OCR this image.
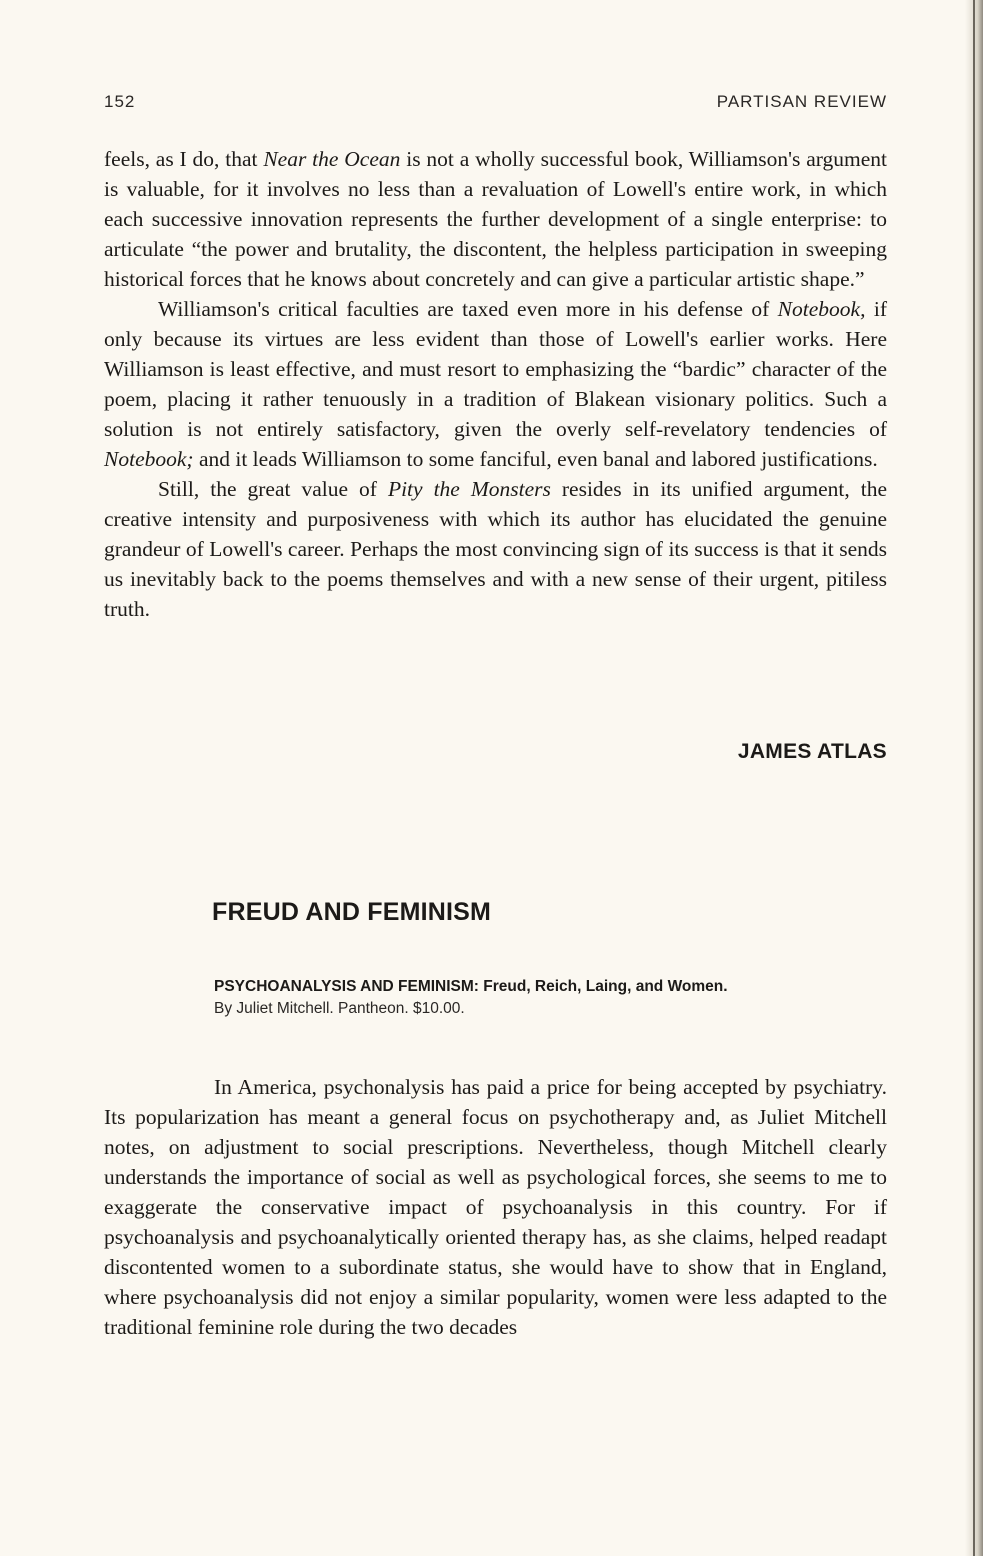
152	PARTISAN REVIEW

feels, as I do, that Near the Ocean is not a wholly successful book, Williamson's argument is valuable, for it involves no less than a revaluation of Lowell's entire work, in which each successive innovation represents the further development of a single enterprise: to articulate “the power and brutality, the discontent, the helpless participation in sweeping historical forces that he knows about concretely and can give a particular artistic shape.”

Williamson's critical faculties are taxed even more in his defense of Notebook, if only because its virtues are less evident than those of Lowell's earlier works. Here Williamson is least effective, and must resort to emphasizing the “bardic” character of the poem, placing it rather tenuously in a tradition of Blakean visionary politics. Such a solution is not entirely satisfactory, given the overly self-revelatory tendencies of Notebook; and it leads Williamson to some fanciful, even banal and labored justifications.

Still, the great value of Pity the Monsters resides in its unified argument, the creative intensity and purposiveness with which its author has elucidated the genuine grandeur of Lowell's career. Perhaps the most convincing sign of its success is that it sends us inevitably back to the poems themselves and with a new sense of their urgent, pitiless truth.

JAMES ATLAS
FREUD AND FEMINISM
PSYCHOANALYSIS AND FEMINISM: Freud, Reich, Laing, and Women.
By Juliet Mitchell. Pantheon. $10.00.

In America, psychonalysis has paid a price for being accepted by psychiatry. Its popularization has meant a general focus on psychotherapy and, as Juliet Mitchell notes, on adjustment to social prescriptions. Nevertheless, though Mitchell clearly understands the importance of social as well as psychological forces, she seems to me to exaggerate the conservative impact of psychoanalysis in this country. For if psychoanalysis and psychoanalytically oriented therapy has, as she claims, helped readapt discontented women to a subordinate status, she would have to show that in England, where psychoanalysis did not enjoy a similar popularity, women were less adapted to the traditional feminine role during the two decades
